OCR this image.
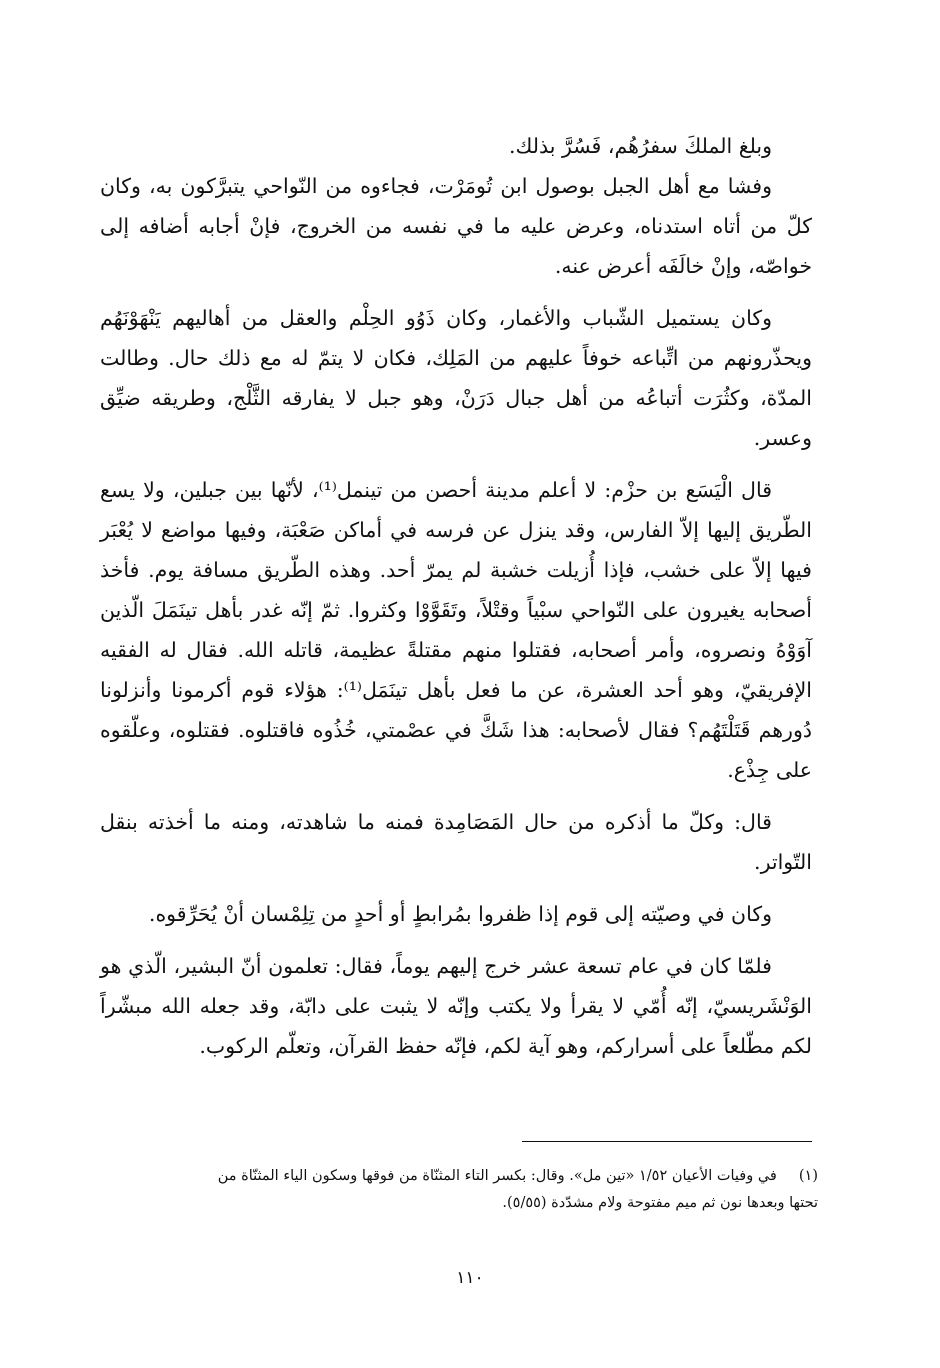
وبلغ الملكَ سفرُهُم، فَسُرَّ بذلك.
وفشا مع أهل الجبل بوصول ابن تُومَرْت، فجاءوه من النّواحي يتبرَّكون به، وكان كلّ من أتاه استدناه، وعرض عليه ما في نفسه من الخروج، فإنْ أجابه أضافه إلى خواصّه، وإنْ خالَفَه أعرض عنه.
وكان يستميل الشّباب والأغمار، وكان ذَوُو الحِلْم والعقل من أهاليهم يَنْهَوْنَهُم ويحذّرونهم من اتِّباعه خوفاً عليهم من المَلِك، فكان لا يتمّ له مع ذلك حال. وطالت المدّة، وكثُرَت أتباعُه من أهل جبال دَرَنْ، وهو جبل لا يفارقه الثَّلْج، وطريقه ضيِّق وعسر.
قال الْيَسَع بن حزْم: لا أعلم مدينة أحصن من تينمل⁽¹⁾، لأنّها بين جبلين، ولا يسع الطّريق إليها إلاّ الفارس، وقد ينزل عن فرسه في أماكن صَعْبَة، وفيها مواضع لا يُعْبَر فيها إلاّ على خشب، فإذا أُزيلت خشبة لم يمرّ أحد. وهذه الطّريق مسافة يوم. فأخذ أصحابه يغيرون على النّواحي سبْياً وقتْلاً، وتَقَوَّوْا وكثروا. ثمّ إنّه غدر بأهل تينَمَلَ الّذين آوَوْهُ ونصروه، وأمر أصحابه، فقتلوا منهم مقتلةً عظيمة، قاتله الله. فقال له الفقيه الإفريقيّ، وهو أحد العشرة، عن ما فعل بأهل تينَمَل⁽¹⁾: هؤلاء قوم أكرمونا وأنزلونا دُورهم قَتَلْتَهُم؟ فقال لأصحابه: هذا شَكَّ في عصْمتي، خُذُوه فاقتلوه. فقتلوه، وعلّقوه على جِذْع.
قال: وكلّ ما أذكره من حال المَصَامِدة فمنه ما شاهدته، ومنه ما أخذته بنقل التّواتر.
وكان في وصيّته إلى قوم إذا ظفروا بمُرابطٍ أو أحدٍ من تِلِمْسان أنْ يُحَرِّقوه.
فلمّا كان في عام تسعة عشر خرج إليهم يوماً، فقال: تعلمون أنّ البشير، الّذي هو الوَنْشَريسيّ، إنّه أُمّي لا يقرأ ولا يكتب وإنّه لا يثبت على دابّة، وقد جعله الله مبشّراً لكم مطّلعاً على أسراركم، وهو آية لكم، فإنّه حفظ القرآن، وتعلّم الركوب.
(١)في وفيات الأعيان ١/٥٢ «تين مل». وقال: بكسر التاء المثنّاة من فوقها وسكون الياء المثنّاة من
تحتها وبعدها نون ثم ميم مفتوحة ولام مشدّدة (٥/٥٥).
١١٠
